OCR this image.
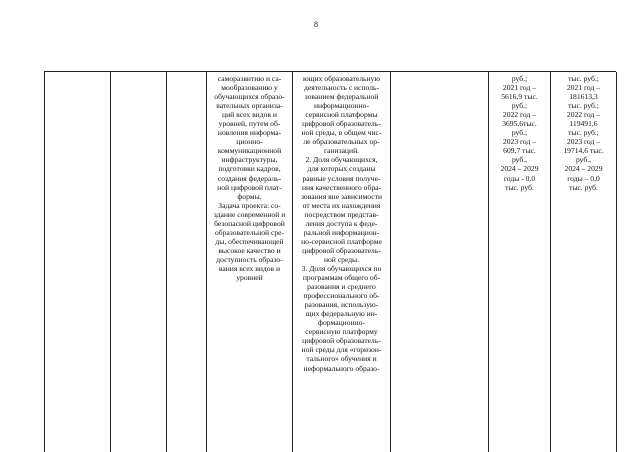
8
саморазвитию и са-
мообразованию у
обучающихся образо-
вательных организа-
ций всех видов и
уровней, путем об-
новления информа-
ционно-
коммуникационной
инфраструктуры,
подготовки кадров,
создания федераль-
ной цифровой плат-
формы.
Задача проекта: со-
здание современной и
безопасной цифровой
образовательной сре-
ды, обеспечивающей
высокое качество и
доступность образо-
вания всех видов и
уровней
ющих образовательную
деятельность с исполь-
зованием федеральной
информационно-
сервисной платформы
цифровой образователь-
ной среды, в общем чис-
ле образовательных ор-
ганизаций.
2. Доля обучающихся,
для которых созданы
равные условия получе-
ния качественного обра-
зования вне зависимости
от места их нахождения
посредством представ-
ления доступа к феде-
ральной информацион-
но-сервисной платформе
цифровой образователь-
ной среды.
3. Доля обучающихся по
программам общего об-
разования и среднего
профессионального об-
разования, использую-
щих федеральную ин-
формационно-
сервисную платформу
цифровой образователь-
ной среды для «горизон-
тального» обучения и
неформального образо-
руб.;
2021 год –
5616,9 тыс.
руб.;
2022 год –
3695,6тыс.
руб.;
2023 год –
609,7 тыс.
руб.,
2024 – 2029
годы - 0,0
тыс. руб.
тыс. руб.;
2021 год –
181613,3
тыс. руб.;
2022 год –
119491,6
тыс. руб.;
2023 год –
19714,6 тыс.
руб.,
2024 – 2029
годы – 0,0
тыс. руб.
